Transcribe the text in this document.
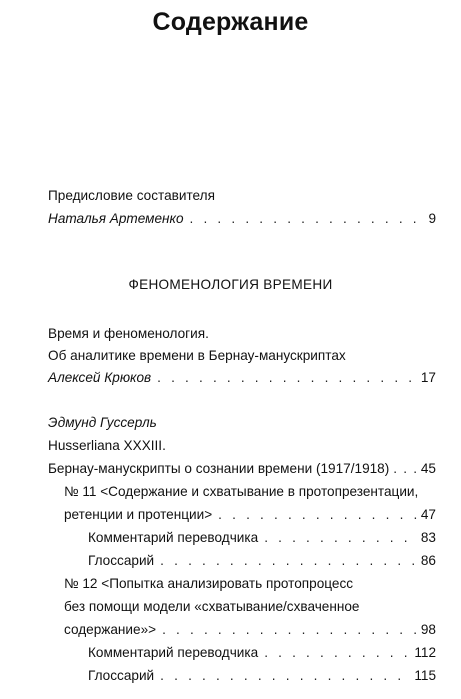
Содержание
Предисловие составителя
Наталья Артеменко . . .	9
ФЕНОМЕНОЛОГИЯ ВРЕМЕНИ
Время и феноменология.
Об аналитике времени в Бернау-манускриптах
Алексей Крюков . . .	17
Эдмунд Гуссерль
Husserliana XXXIII.
Бернау-манускрипты о сознании времени (1917/1918) . . . 45
№ 11 <Содержание и схватывание в протопрезентации,
ретенции и протенции> . . .	47
Комментарий переводчика . . .	83
Глоссарий . . .	86
№ 12 <Попытка анализировать протопроцесс
без помощи модели «схватывание/схваченное
содержание»> . . .	98
Комментарий переводчика . . .	112
Глоссарий . . .	115
